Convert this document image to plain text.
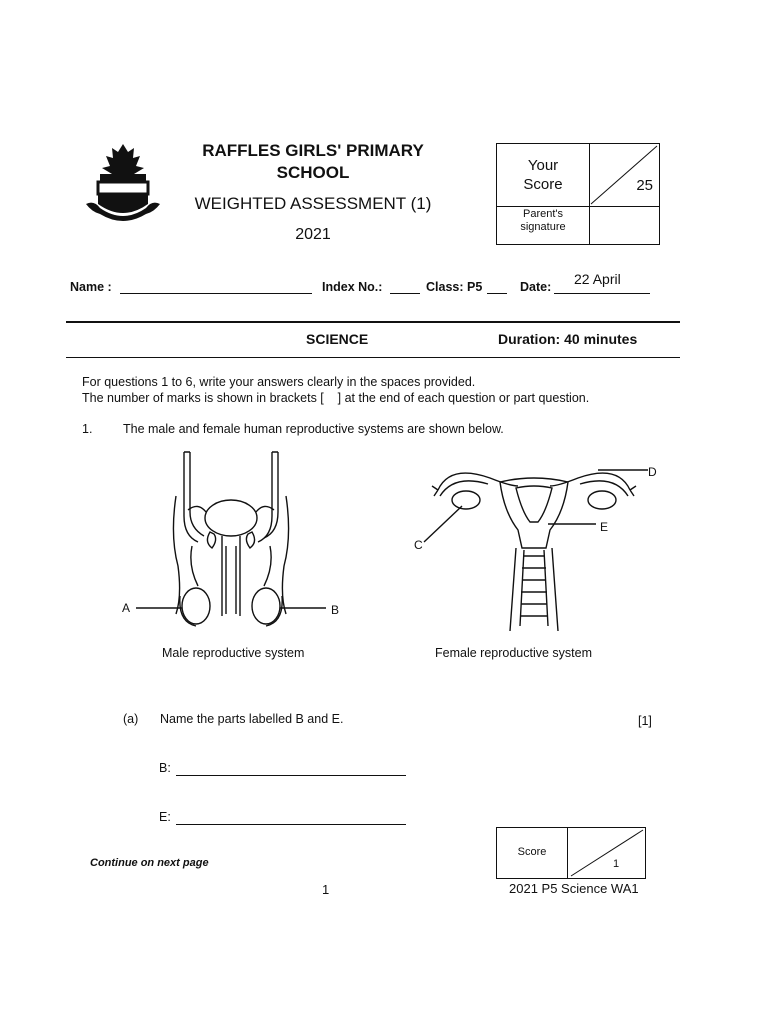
RAFFLES GIRLS' PRIMARY
SCHOOL
WEIGHTED ASSESSMENT (1)
2021
Your
Score	25
Parent's
signature
Name :	Index No.:	Class: P5	Date: 22 April
SCIENCE	Duration: 40 minutes
For questions 1 to 6, write your answers clearly in the spaces provided.
The number of marks is shown in brackets [    ] at the end of each question or part question.
1. The male and female human reproductive systems are shown below.
A	B
Male reproductive system
D
E
C
Female reproductive system
(a) Name the parts labelled B and E.	[1]
B:
E:
Continue on next page
1
Score
1
2021 P5 Science WA1
